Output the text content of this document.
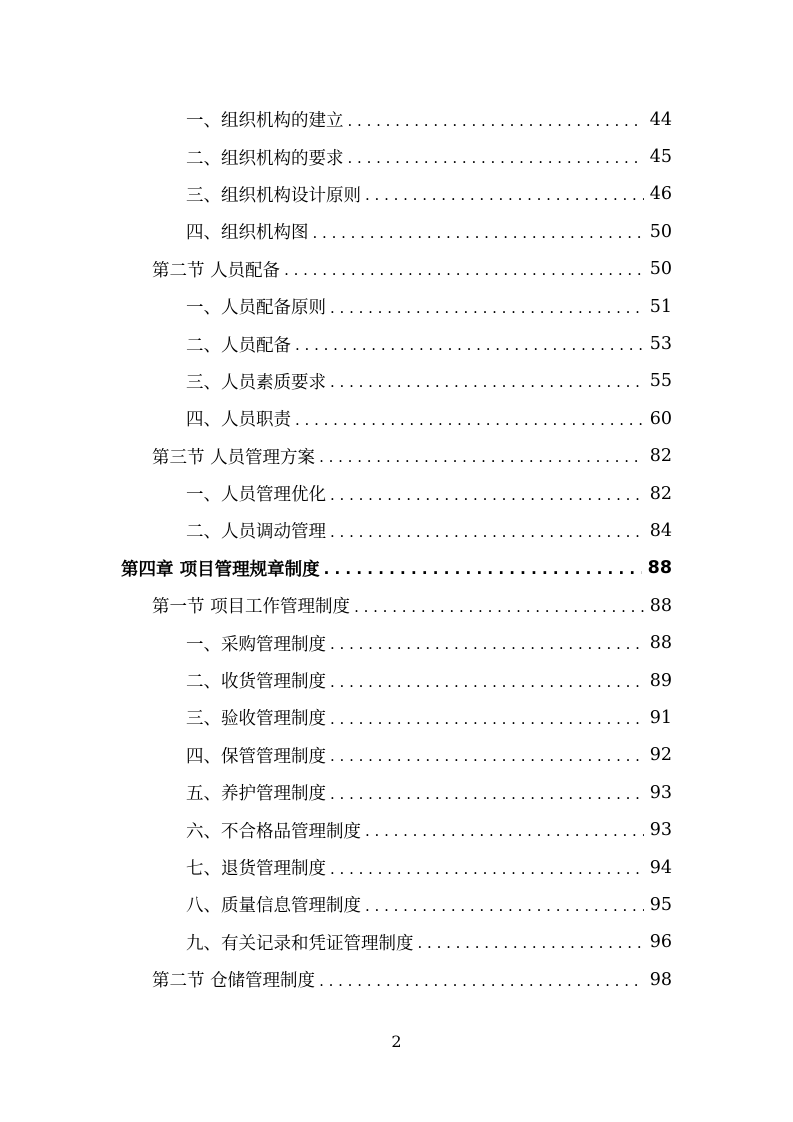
一、组织机构的建立 . . .	44
二、组织机构的要求 . . .	45
三、组织机构设计原则 . . .	46
四、组织机构图 . . .	50
第二节 人员配备 . . .	50
一、人员配备原则 . . .	51
二、人员配备 . . .	53
三、人员素质要求 . . .	55
四、人员职责 . . .	60
第三节 人员管理方案 . . .	82
一、人员管理优化 . . .	82
二、人员调动管理 . . .	84
第四章 项目管理规章制度 . . .	88
第一节 项目工作管理制度 . . .	88
一、采购管理制度 . . .	88
二、收货管理制度 . . .	89
三、验收管理制度 . . .	91
四、保管管理制度 . . .	92
五、养护管理制度 . . .	93
六、不合格品管理制度 . . .	93
七、退货管理制度 . . .	94
八、质量信息管理制度 . . .	95
九、有关记录和凭证管理制度 . . .	96
第二节 仓储管理制度 . . .	98
2
